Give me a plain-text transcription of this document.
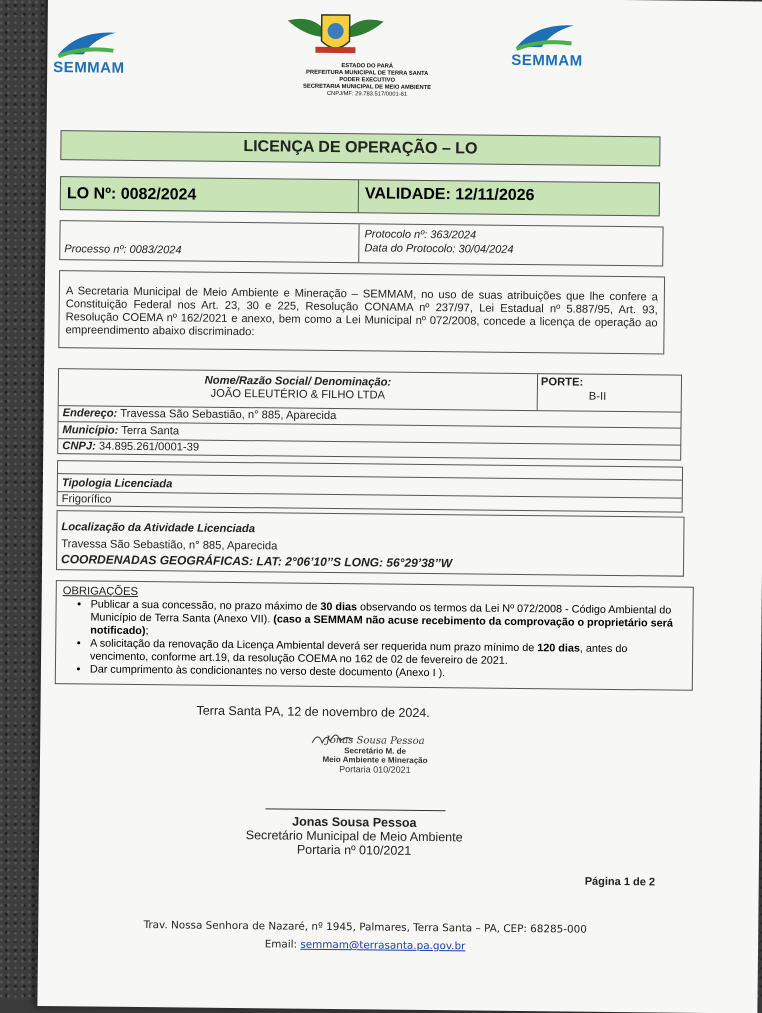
SEMMAM	SEMMAM
ESTADO DO PARÁ
PREFEITURA MUNICIPAL DE TERRA SANTA
PODER EXECUTIVO
SECRETARIA MUNICIPAL DE MEIO AMBIENTE
CNPJ/MF: 29.783.517/0001-61
LICENÇA DE OPERAÇÃO – LO
LO Nº: 0082/2024	VALIDADE: 12/11/2026
Processo nº: 0083/2024
Protocolo nº: 363/2024
Data do Protocolo: 30/04/2024
A Secretaria Municipal de Meio Ambiente e Mineração – SEMMAM, no uso de suas atribuições que lhe confere a Constituição Federal nos Art. 23, 30 e 225, Resolução CONAMA nº 237/97, Lei Estadual nº 5.887/95, Art. 93, Resolução COEMA nº 162/2021 e anexo, bem como a Lei Municipal nº 072/2008, concede a licença de operação ao empreendimento abaixo discriminado:
Nome/Razão Social/ Denominação:
JOÃO ELEUTÉRIO & FILHO LTDA
PORTE:
B-II
Endereço: Travessa São Sebastião, n° 885, Aparecida
Município: Terra Santa
CNPJ: 34.895.261/0001-39
Tipologia Licenciada
Frigorífico
Localização da Atividade Licenciada
Travessa São Sebastião, n° 885, Aparecida
COORDENADAS GEOGRÁFICAS: LAT: 2°06’10’’S LONG: 56°29’38’’W
OBRIGAÇÕES
• Publicar a sua concessão, no prazo máximo de 30 dias observando os termos da Lei Nº 072/2008 - Código Ambiental do Município de Terra Santa (Anexo VII). (caso a SEMMAM não acuse recebimento da comprovação o proprietário será notificado);
• A solicitação da renovação da Licença Ambiental deverá ser requerida num prazo mínimo de 120 dias, antes do vencimento, conforme art.19, da resolução COEMA no 162 de 02 de fevereiro de 2021.
• Dar cumprimento às condicionantes no verso deste documento (Anexo I ).
Terra Santa PA, 12 de novembro de 2024.
Jonas Sousa Pessoa
Secretário M. de
Meio Ambiente e Mineração
Portaria 010/2021
Jonas Sousa Pessoa
Secretário Municipal de Meio Ambiente
Portaria nº 010/2021
Página 1 de 2
Trav. Nossa Senhora de Nazaré, nº 1945, Palmares, Terra Santa – PA, CEP: 68285-000
Email: semmam@terrasanta.pa.gov.br
